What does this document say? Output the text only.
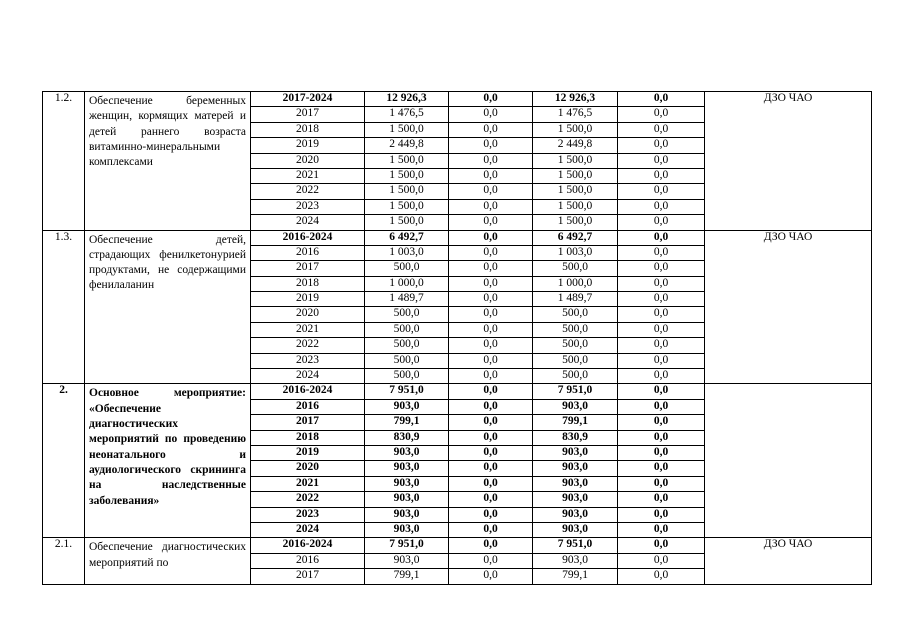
1.2.	Обеспечение беременных женщин, кормящих матерей и детей раннего возраста витаминно-минеральными комплексами	2017-2024	12 926,3	0,0	12 926,3	0,0	ДЗО ЧАО
		2017	1 476,5	0,0	1 476,5	0,0	
		2018	1 500,0	0,0	1 500,0	0,0	
		2019	2 449,8	0,0	2 449,8	0,0	
		2020	1 500,0	0,0	1 500,0	0,0	
		2021	1 500,0	0,0	1 500,0	0,0	
		2022	1 500,0	0,0	1 500,0	0,0	
		2023	1 500,0	0,0	1 500,0	0,0	
		2024	1 500,0	0,0	1 500,0	0,0	
1.3.	Обеспечение детей, страдающих фенилкетонурией продуктами, не содержащими фенилаланин	2016-2024	6 492,7	0,0	6 492,7	0,0	ДЗО ЧАО
		2016	1 003,0	0,0	1 003,0	0,0	
		2017	500,0	0,0	500,0	0,0	
		2018	1 000,0	0,0	1 000,0	0,0	
		2019	1 489,7	0,0	1 489,7	0,0	
		2020	500,0	0,0	500,0	0,0	
		2021	500,0	0,0	500,0	0,0	
		2022	500,0	0,0	500,0	0,0	
		2023	500,0	0,0	500,0	0,0	
		2024	500,0	0,0	500,0	0,0	
2.	Основное мероприятие: «Обеспечение диагностических мероприятий по проведению неонатального и аудиологического скрининга на наследственные заболевания»	2016-2024	7 951,0	0,0	7 951,0	0,0	
		2016	903,0	0,0	903,0	0,0	
		2017	799,1	0,0	799,1	0,0	
		2018	830,9	0,0	830,9	0,0	
		2019	903,0	0,0	903,0	0,0	
		2020	903,0	0,0	903,0	0,0	
		2021	903,0	0,0	903,0	0,0	
		2022	903,0	0,0	903,0	0,0	
		2023	903,0	0,0	903,0	0,0	
		2024	903,0	0,0	903,0	0,0	
2.1.	Обеспечение диагностических мероприятий по	2016-2024	7 951,0	0,0	7 951,0	0,0	ДЗО ЧАО
		2016	903,0	0,0	903,0	0,0	
		2017	799,1	0,0	799,1	0,0	
